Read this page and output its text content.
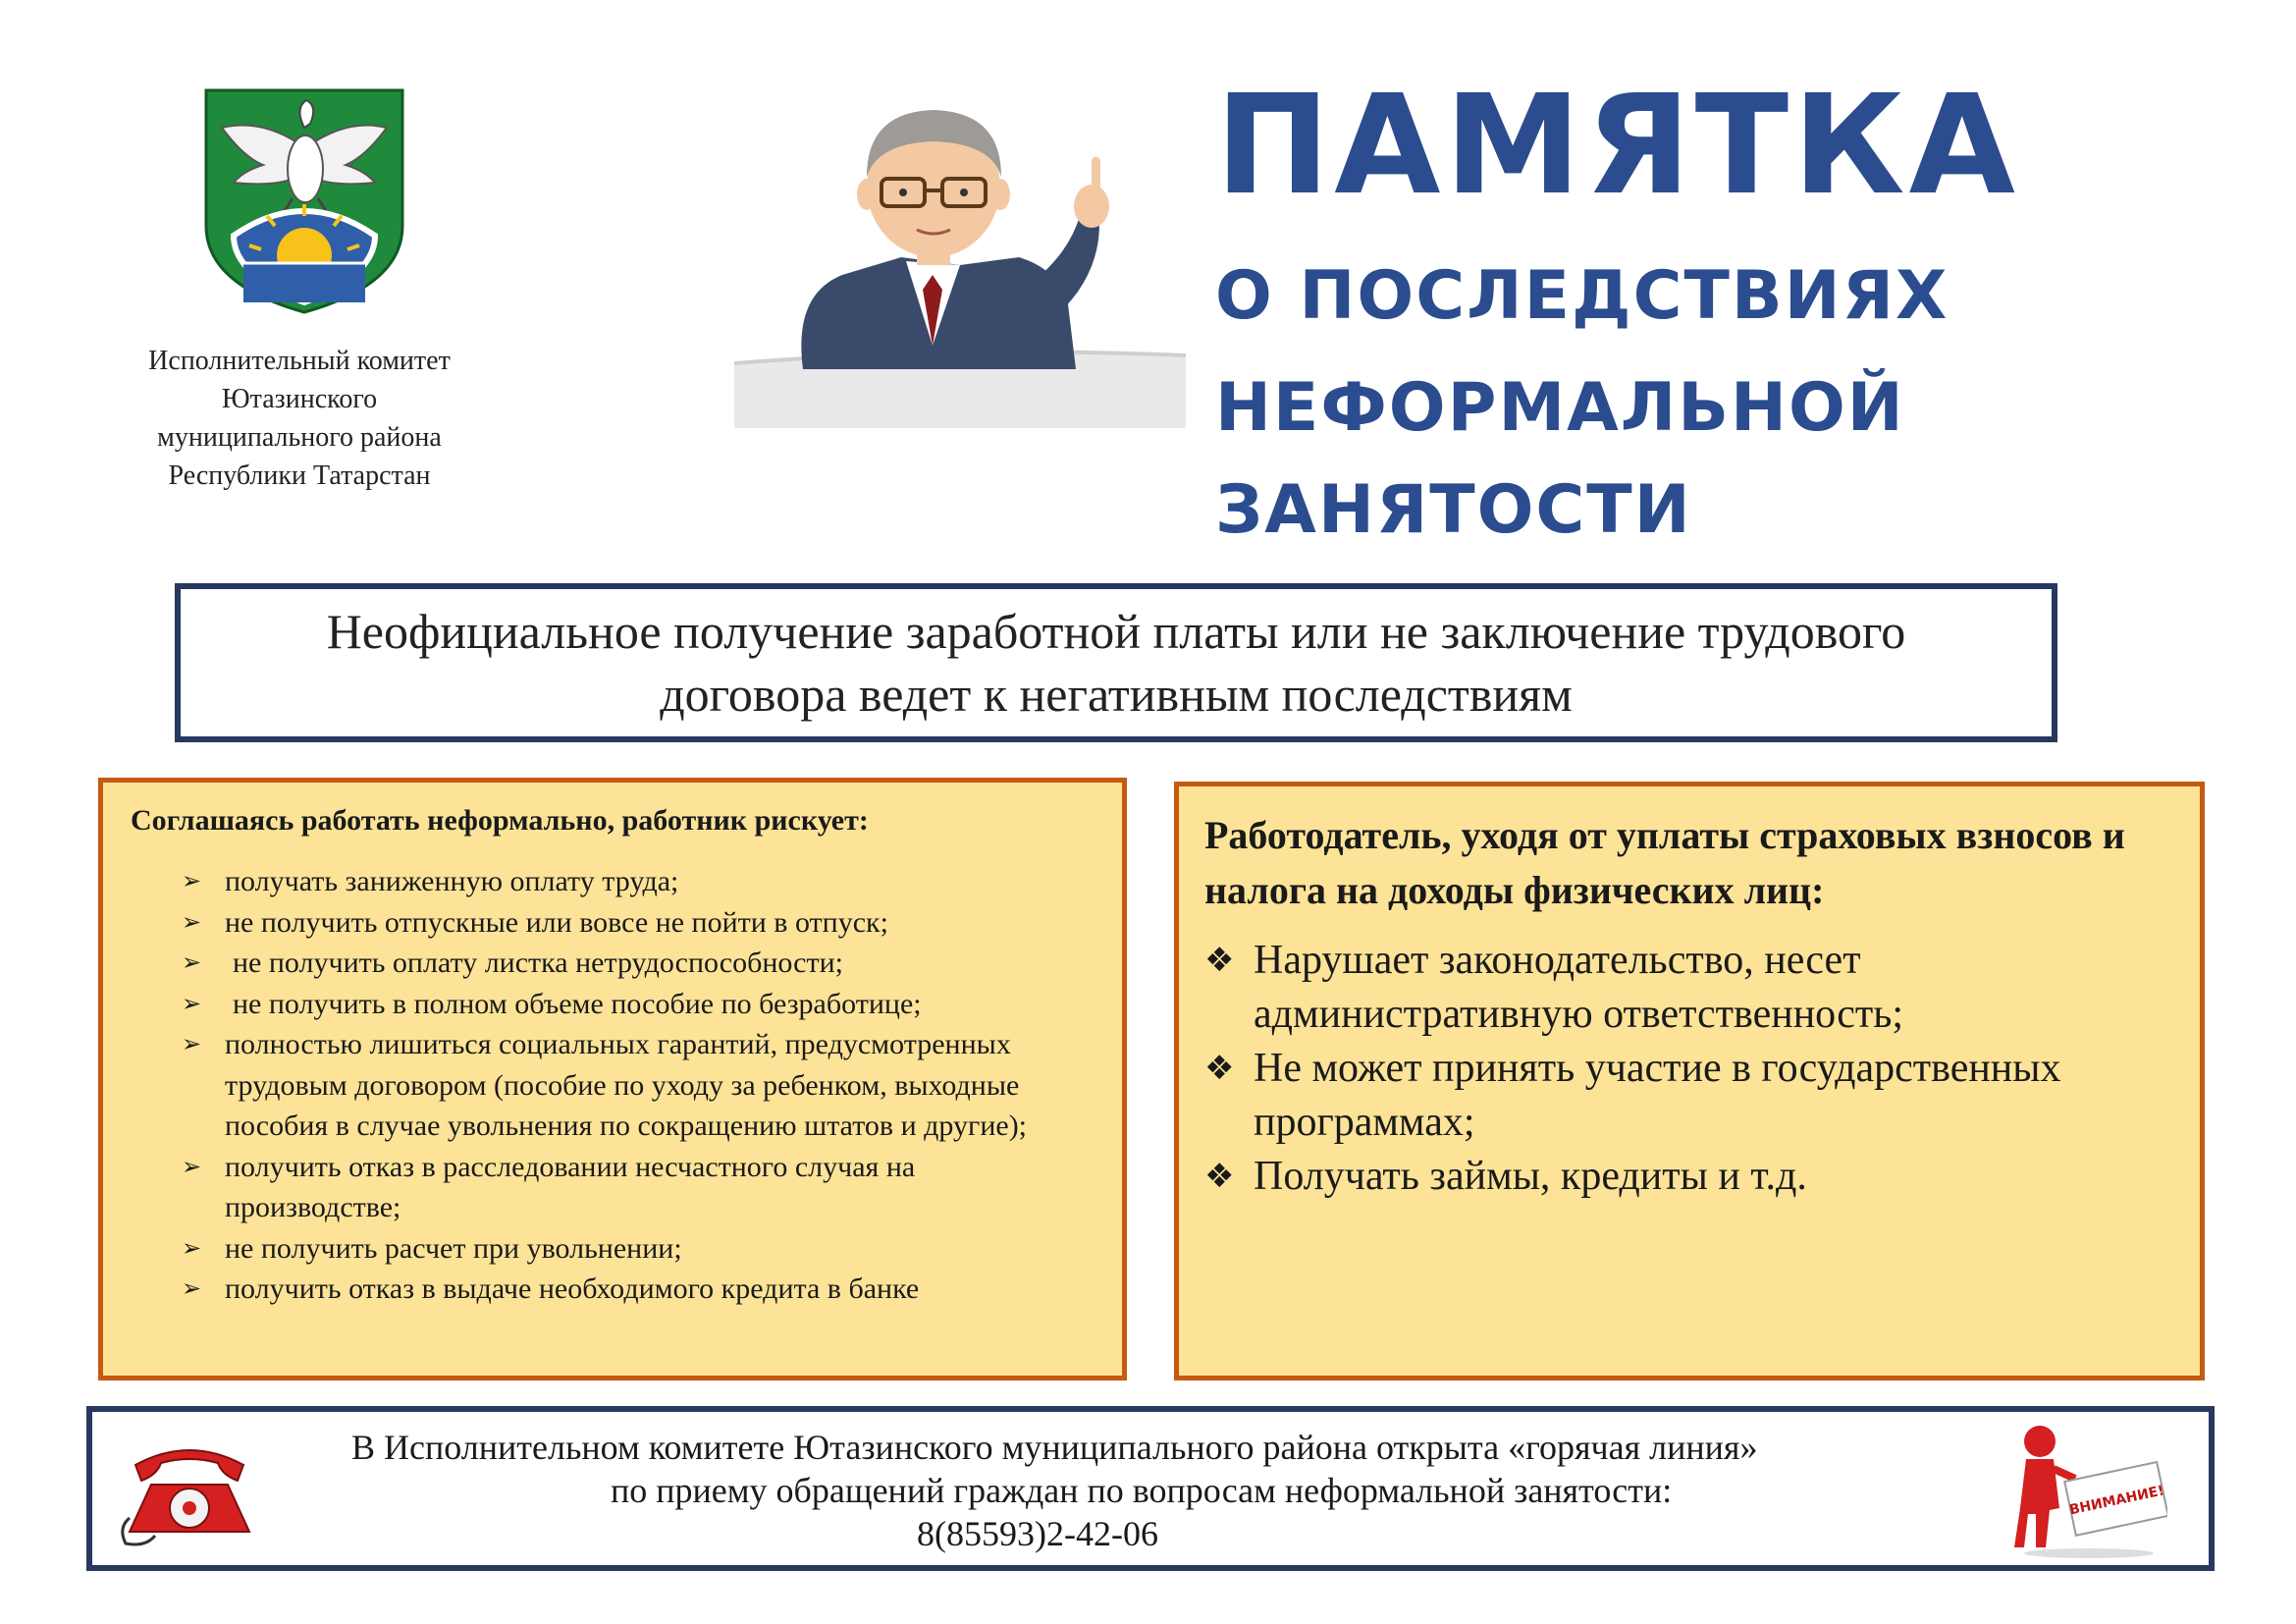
Исполнительный комитет
Ютазинского
муниципального района
Республики Татарстан
ПАМЯТКА
О ПОСЛЕДСТВИЯХ
НЕФОРМАЛЬНОЙ
ЗАНЯТОСТИ
Неофициальное получение заработной платы или не заключение трудового
договора ведет к негативным последствиям
Соглашаясь работать неформально, работник рискует:
➢ получать заниженную оплату труда;
➢ не получить отпускные или вовсе не пойти в отпуск;
➢ не получить оплату листка нетрудоспособности;
➢ не получить в полном объеме пособие по безработице;
➢ полностью лишиться социальных гарантий, предусмотренных трудовым договором (пособие по уходу за ребенком, выходные пособия в случае увольнения по сокращению штатов и другие);
➢ получить отказ в расследовании несчастного случая на производстве;
➢ не получить расчет при увольнении;
➢ получить отказ в выдаче необходимого кредита в банке
Работодатель, уходя от уплаты страховых взносов и налога на доходы физических лиц:
❖ Нарушает законодательство, несет административную ответственность;
❖ Не может принять участие в государственных программах;
❖ Получать займы, кредиты и т.д.
В Исполнительном комитете Ютазинского муниципального района открыта «горячая линия»
по приему обращений граждан по вопросам неформальной занятости:
8(85593)2-42-06
ВНИМАНИЕ!
